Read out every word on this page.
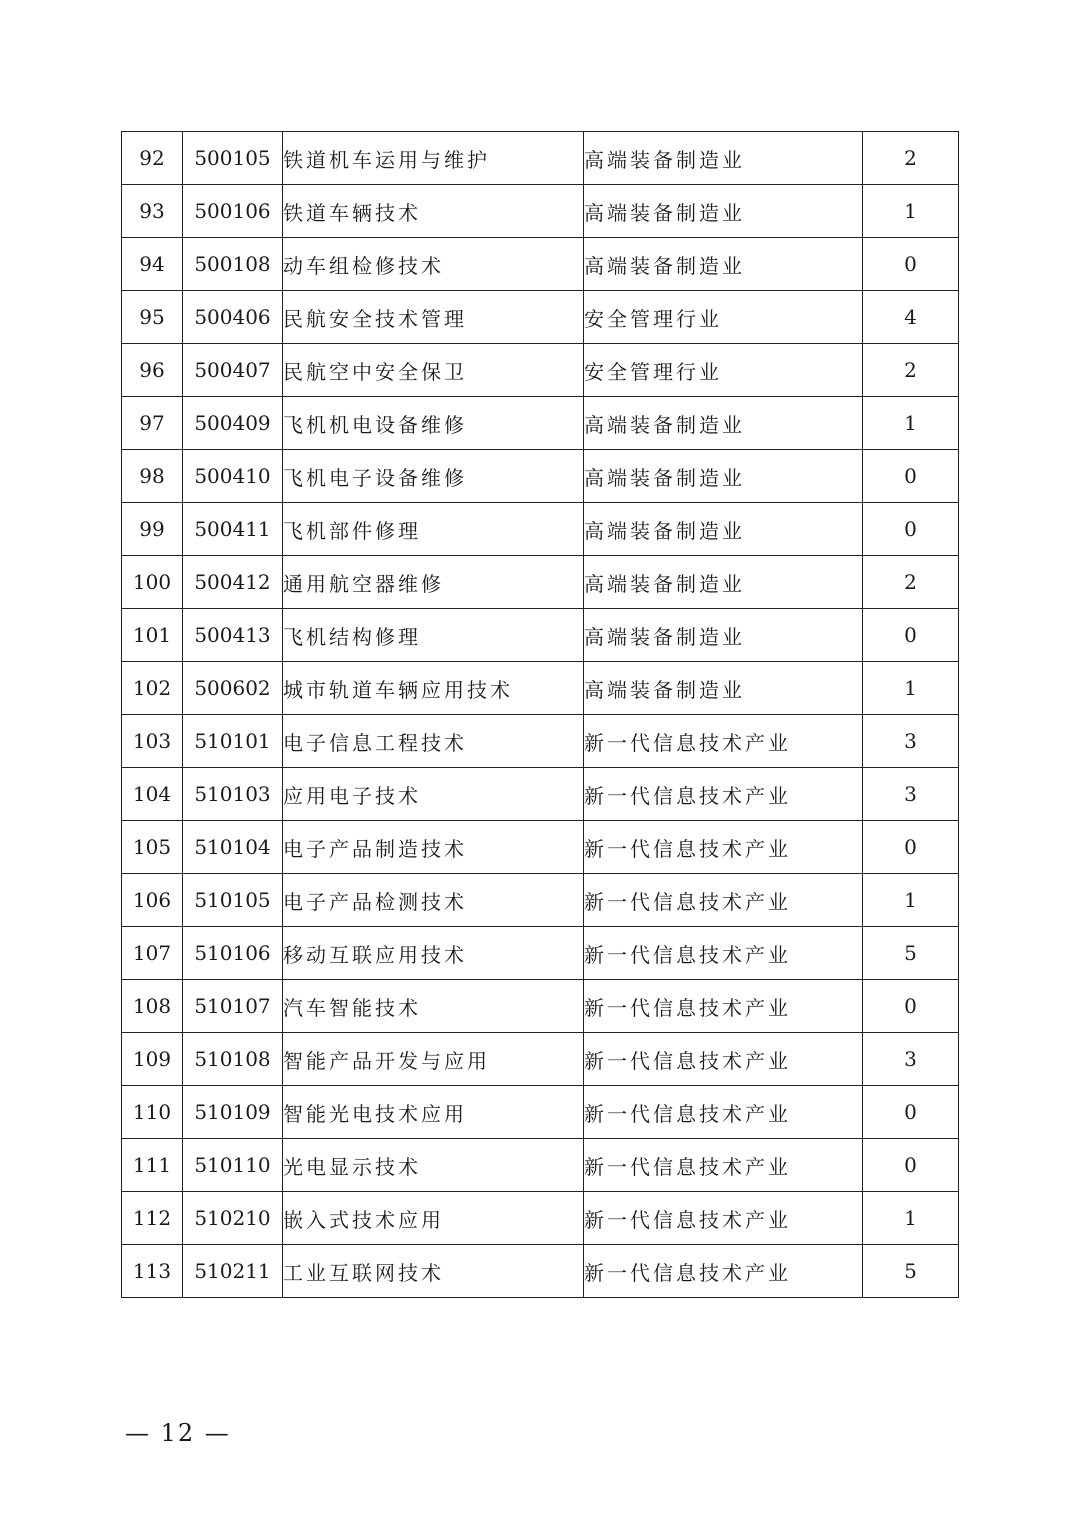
92	500105	铁道机车运用与维护	高端装备制造业	2
93	500106	铁道车辆技术	高端装备制造业	1
94	500108	动车组检修技术	高端装备制造业	0
95	500406	民航安全技术管理	安全管理行业	4
96	500407	民航空中安全保卫	安全管理行业	2
97	500409	飞机机电设备维修	高端装备制造业	1
98	500410	飞机电子设备维修	高端装备制造业	0
99	500411	飞机部件修理	高端装备制造业	0
100	500412	通用航空器维修	高端装备制造业	2
101	500413	飞机结构修理	高端装备制造业	0
102	500602	城市轨道车辆应用技术	高端装备制造业	1
103	510101	电子信息工程技术	新一代信息技术产业	3
104	510103	应用电子技术	新一代信息技术产业	3
105	510104	电子产品制造技术	新一代信息技术产业	0
106	510105	电子产品检测技术	新一代信息技术产业	1
107	510106	移动互联应用技术	新一代信息技术产业	5
108	510107	汽车智能技术	新一代信息技术产业	0
109	510108	智能产品开发与应用	新一代信息技术产业	3
110	510109	智能光电技术应用	新一代信息技术产业	0
111	510110	光电显示技术	新一代信息技术产业	0
112	510210	嵌入式技术应用	新一代信息技术产业	1
113	510211	工业互联网技术	新一代信息技术产业	5
— 12 —
